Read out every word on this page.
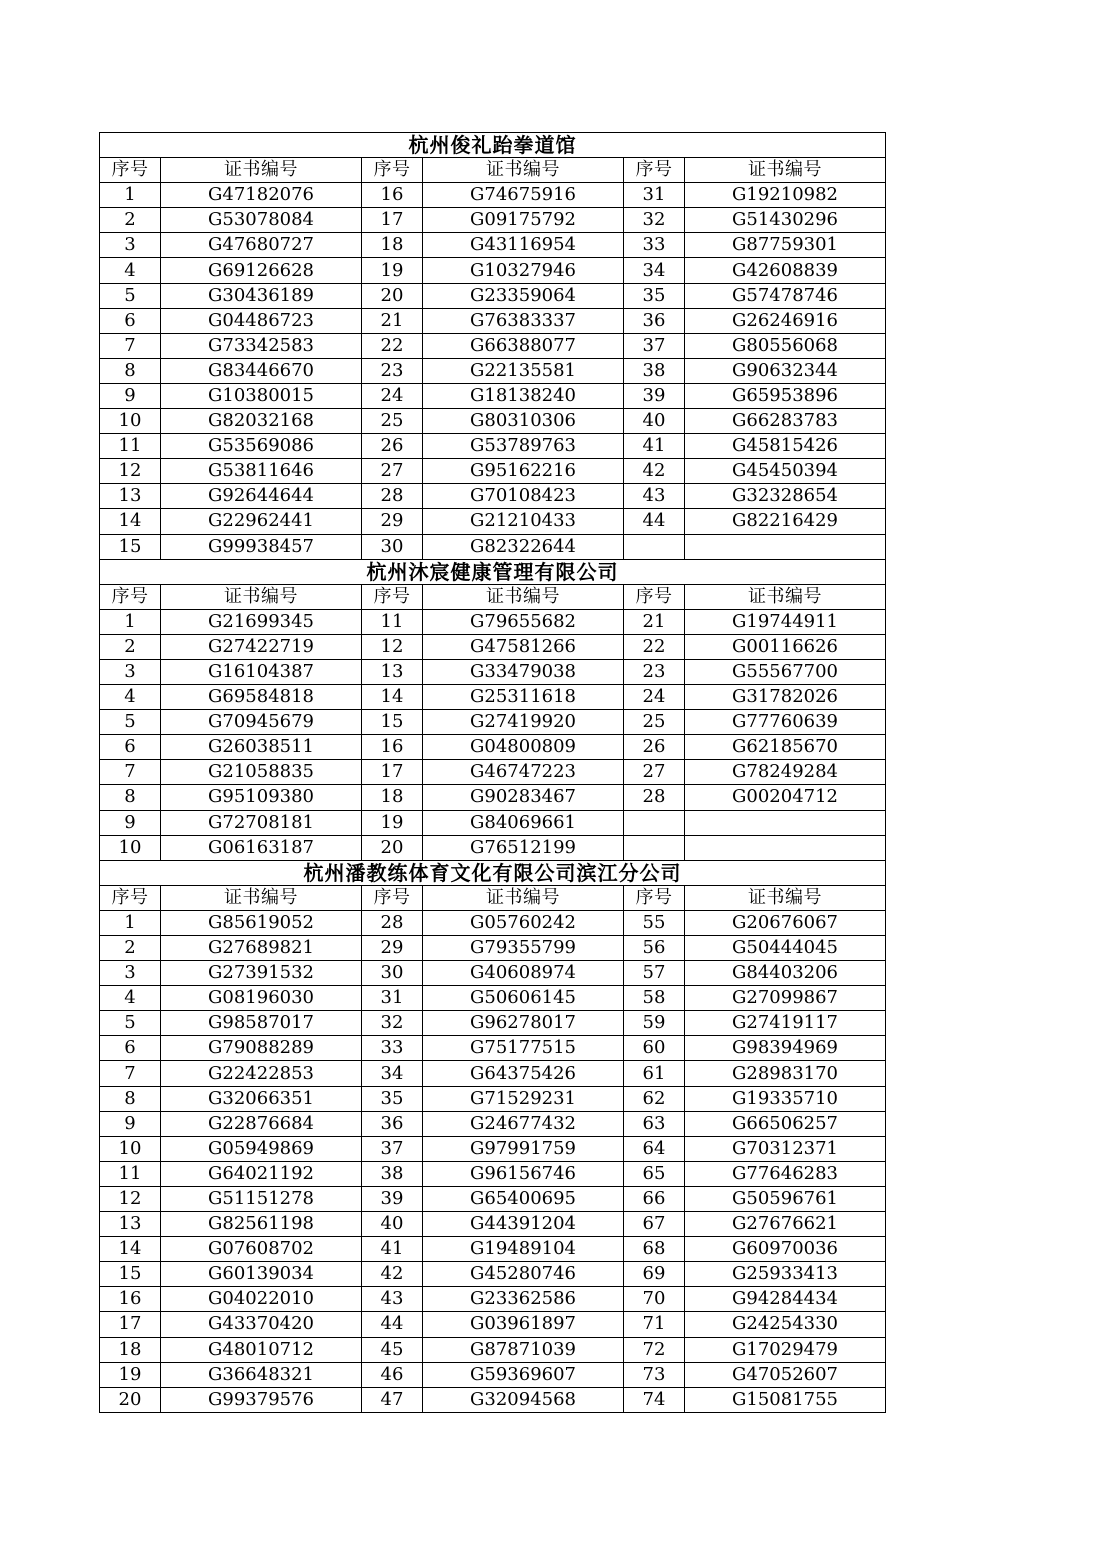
杭州俊礼跆拳道馆					
序号	证书编号	序号	证书编号	序号	证书编号
1	G47182076	16	G74675916	31	G19210982
2	G53078084	17	G09175792	32	G51430296
3	G47680727	18	G43116954	33	G87759301
4	G69126628	19	G10327946	34	G42608839
5	G30436189	20	G23359064	35	G57478746
6	G04486723	21	G76383337	36	G26246916
7	G73342583	22	G66388077	37	G80556068
8	G83446670	23	G22135581	38	G90632344
9	G10380015	24	G18138240	39	G65953896
10	G82032168	25	G80310306	40	G66283783
11	G53569086	26	G53789763	41	G45815426
12	G53811646	27	G95162216	42	G45450394
13	G92644644	28	G70108423	43	G32328654
14	G22962441	29	G21210433	44	G82216429
15	G99938457	30	G82322644		
杭州沐宸健康管理有限公司					
序号	证书编号	序号	证书编号	序号	证书编号
1	G21699345	11	G79655682	21	G19744911
2	G27422719	12	G47581266	22	G00116626
3	G16104387	13	G33479038	23	G55567700
4	G69584818	14	G25311618	24	G31782026
5	G70945679	15	G27419920	25	G77760639
6	G26038511	16	G04800809	26	G62185670
7	G21058835	17	G46747223	27	G78249284
8	G95109380	18	G90283467	28	G00204712
9	G72708181	19	G84069661		
10	G06163187	20	G76512199		
杭州潘教练体育文化有限公司滨江分公司					
序号	证书编号	序号	证书编号	序号	证书编号
1	G85619052	28	G05760242	55	G20676067
2	G27689821	29	G79355799	56	G50444045
3	G27391532	30	G40608974	57	G84403206
4	G08196030	31	G50606145	58	G27099867
5	G98587017	32	G96278017	59	G27419117
6	G79088289	33	G75177515	60	G98394969
7	G22422853	34	G64375426	61	G28983170
8	G32066351	35	G71529231	62	G19335710
9	G22876684	36	G24677432	63	G66506257
10	G05949869	37	G97991759	64	G70312371
11	G64021192	38	G96156746	65	G77646283
12	G51151278	39	G65400695	66	G50596761
13	G82561198	40	G44391204	67	G27676621
14	G07608702	41	G19489104	68	G60970036
15	G60139034	42	G45280746	69	G25933413
16	G04022010	43	G23362586	70	G94284434
17	G43370420	44	G03961897	71	G24254330
18	G48010712	45	G87871039	72	G17029479
19	G36648321	46	G59369607	73	G47052607
20	G99379576	47	G32094568	74	G15081755
